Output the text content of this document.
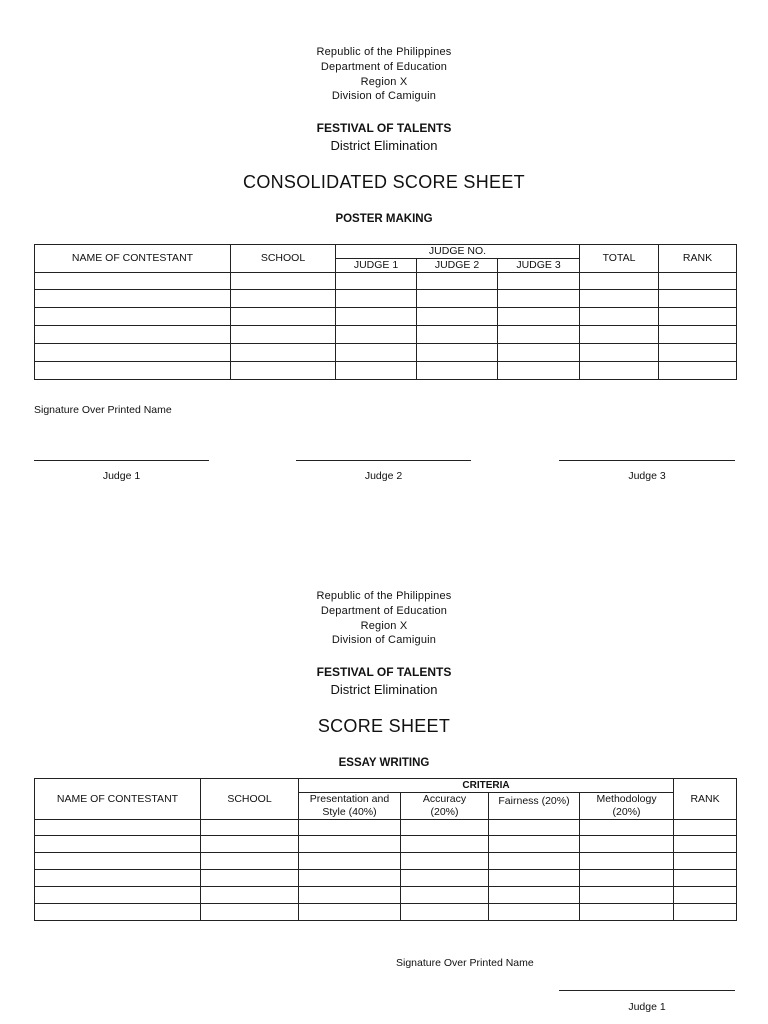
Republic of the Philippines
Department of Education
Region X
Division of Camiguin
FESTIVAL OF TALENTS
District Elimination
CONSOLIDATED SCORE SHEET
POSTER MAKING
NAME OF CONTESTANT	SCHOOL	JUDGE NO.			TOTAL	RANK
		JUDGE 1	JUDGE 2	JUDGE 3		

Signature Over Printed Name
Judge 1	Judge 2	Judge 3
Republic of the Philippines
Department of Education
Region X
Division of Camiguin
FESTIVAL OF TALENTS
District Elimination
SCORE SHEET
ESSAY WRITING
NAME OF CONTESTANT	SCHOOL	CRITERIA				RANK
		Presentation and Style (40%)	Accuracy (20%)	Fairness (20%)	Methodology (20%)	

Signature Over Printed Name
Judge 1
